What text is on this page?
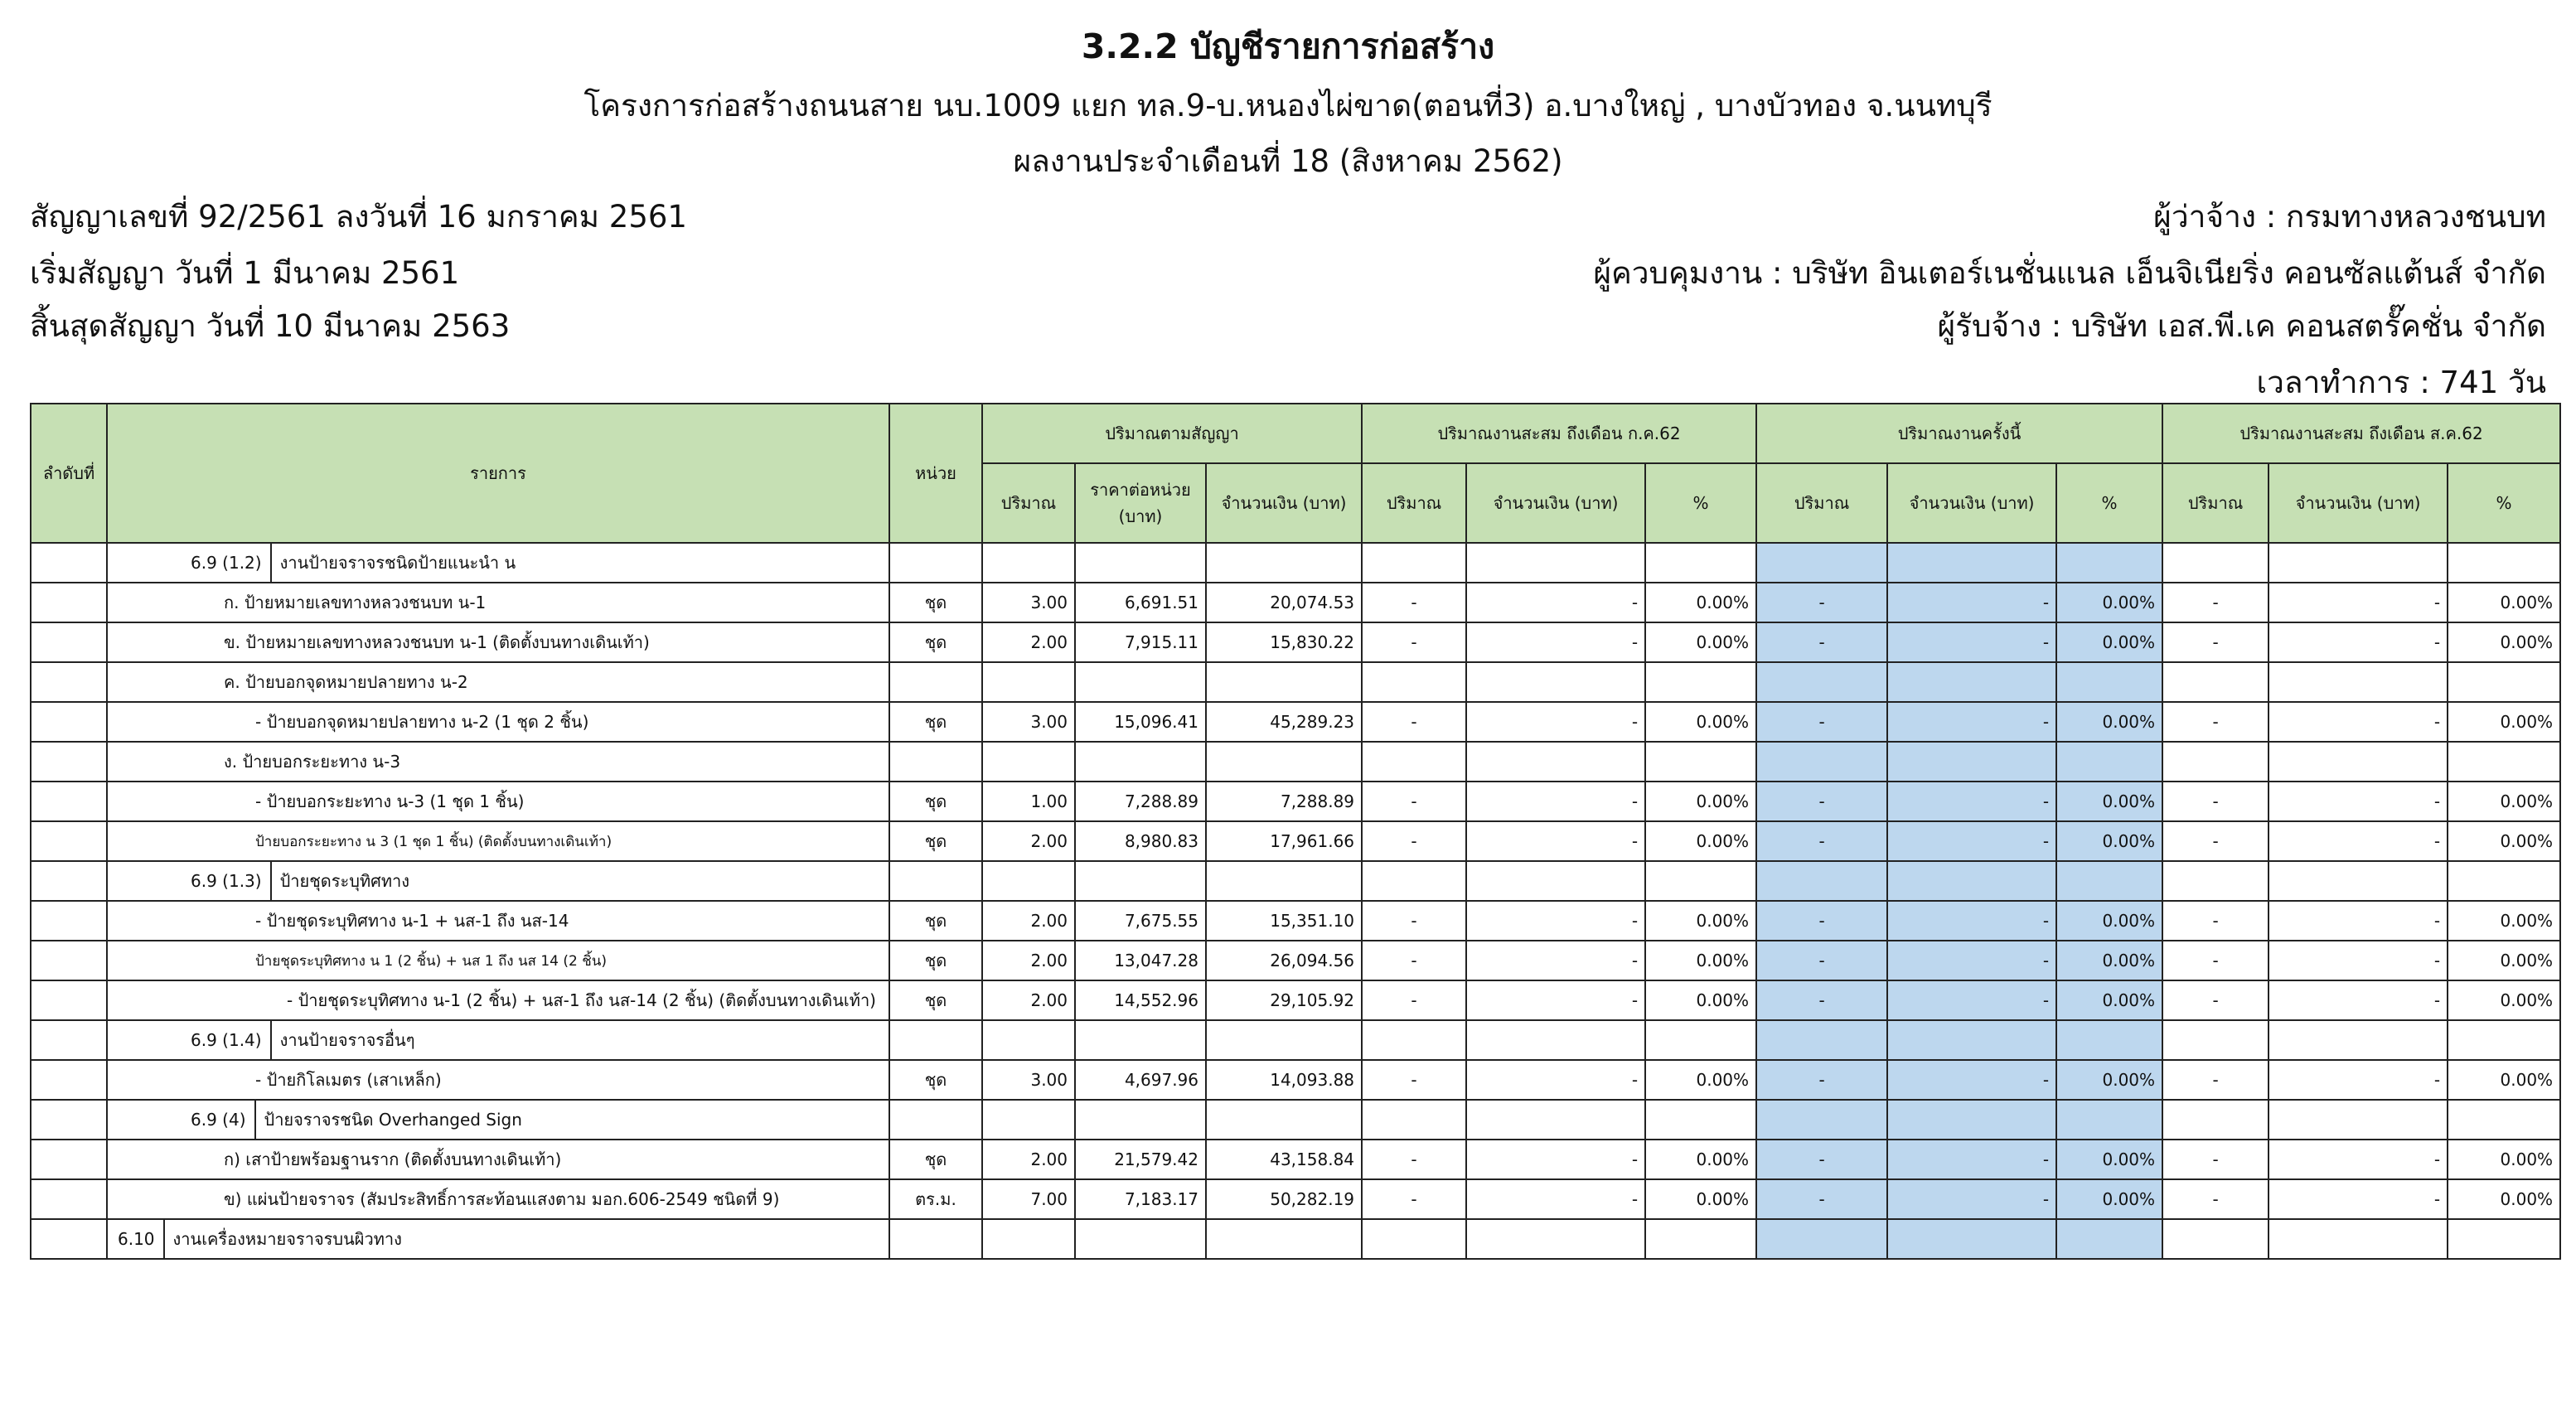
3.2.2 บัญชีรายการก่อสร้าง
โครงการก่อสร้างถนนสาย นบ.1009 แยก ทล.9-บ.หนองไผ่ขาด(ตอนที่3) อ.บางใหญ่ , บางบัวทอง จ.นนทบุรี
ผลงานประจำเดือนที่ 18 (สิงหาคม 2562)
สัญญาเลขที่ 92/2561 ลงวันที่ 16 มกราคม 2561
เริ่มสัญญา วันที่ 1 มีนาคม 2561
สิ้นสุดสัญญา วันที่ 10 มีนาคม 2563
ผู้ว่าจ้าง : กรมทางหลวงชนบท
ผู้ควบคุมงาน : บริษัท อินเตอร์เนชั่นแนล เอ็นจิเนียริ่ง คอนซัลแต้นส์ จำกัด
ผู้รับจ้าง : บริษัท เอส.พี.เค คอนสตรั๊คชั่น จำกัด
เวลาทำการ : 741 วัน
ลำดับที่	รายการ	หน่วย	ปริมาณตามสัญญา			ปริมาณงานสะสม ถึงเดือน ก.ค.62			ปริมาณงานครั้งนี้			ปริมาณงานสะสม ถึงเดือน ส.ค.62		
			ปริมาณ	ราคาต่อหน่วย (บาท)	จำนวนเงิน (บาท)	ปริมาณ	จำนวนเงิน (บาท)	%	ปริมาณ	จำนวนเงิน (บาท)	%	ปริมาณ	จำนวนเงิน (บาท)	%
	6.9 (1.2) งานป้ายจราจรชนิดป้ายแนะนำ น													
	ก. ป้ายหมายเลขทางหลวงชนบท น-1	ชุด	3.00	6,691.51	20,074.53	-	-	0.00%	-	-	0.00%	-	-	0.00%
	ข. ป้ายหมายเลขทางหลวงชนบท น-1 (ติดตั้งบนทางเดินเท้า)	ชุด	2.00	7,915.11	15,830.22	-	-	0.00%	-	-	0.00%	-	-	0.00%
	ค. ป้ายบอกจุดหมายปลายทาง น-2													
	- ป้ายบอกจุดหมายปลายทาง น-2 (1 ชุด 2 ชิ้น)	ชุด	3.00	15,096.41	45,289.23	-	-	0.00%	-	-	0.00%	-	-	0.00%
	ง. ป้ายบอกระยะทาง น-3													
	- ป้ายบอกระยะทาง น-3 (1 ชุด 1 ชิ้น)	ชุด	1.00	7,288.89	7,288.89	-	-	0.00%	-	-	0.00%	-	-	0.00%
	ป้ายบอกระยะทาง น 3 (1 ชุด 1 ชิ้น) (ติดตั้งบนทางเดินเท้า)	ชุด	2.00	8,980.83	17,961.66	-	-	0.00%	-	-	0.00%	-	-	0.00%
	6.9 (1.3) ป้ายชุดระบุทิศทาง													
	- ป้ายชุดระบุทิศทาง น-1 + นส-1 ถึง นส-14	ชุด	2.00	7,675.55	15,351.10	-	-	0.00%	-	-	0.00%	-	-	0.00%
	ป้ายชุดระบุทิศทาง น 1 (2 ชิ้น) + นส 1 ถึง นส 14 (2 ชิ้น)	ชุด	2.00	13,047.28	26,094.56	-	-	0.00%	-	-	0.00%	-	-	0.00%
	- ป้ายชุดระบุทิศทาง น-1 (2 ชิ้น) + นส-1 ถึง นส-14 (2 ชิ้น) (ติดตั้งบนทางเดินเท้า)	ชุด	2.00	14,552.96	29,105.92	-	-	0.00%	-	-	0.00%	-	-	0.00%
	6.9 (1.4) งานป้ายจราจรอื่นๆ													
	- ป้ายกิโลเมตร (เสาเหล็ก)	ชุด	3.00	4,697.96	14,093.88	-	-	0.00%	-	-	0.00%	-	-	0.00%
	6.9 (4) ป้ายจราจรชนิด Overhanged Sign													
	ก) เสาป้ายพร้อมฐานราก (ติดตั้งบนทางเดินเท้า)	ชุด	2.00	21,579.42	43,158.84	-	-	0.00%	-	-	0.00%	-	-	0.00%
	ข) แผ่นป้ายจราจร (สัมประสิทธิ์การสะท้อนแสงตาม มอก.606-2549 ชนิดที่ 9)	ตร.ม.	7.00	7,183.17	50,282.19	-	-	0.00%	-	-	0.00%	-	-	0.00%
	6.10 งานเครื่องหมายจราจรบนผิวทาง													
